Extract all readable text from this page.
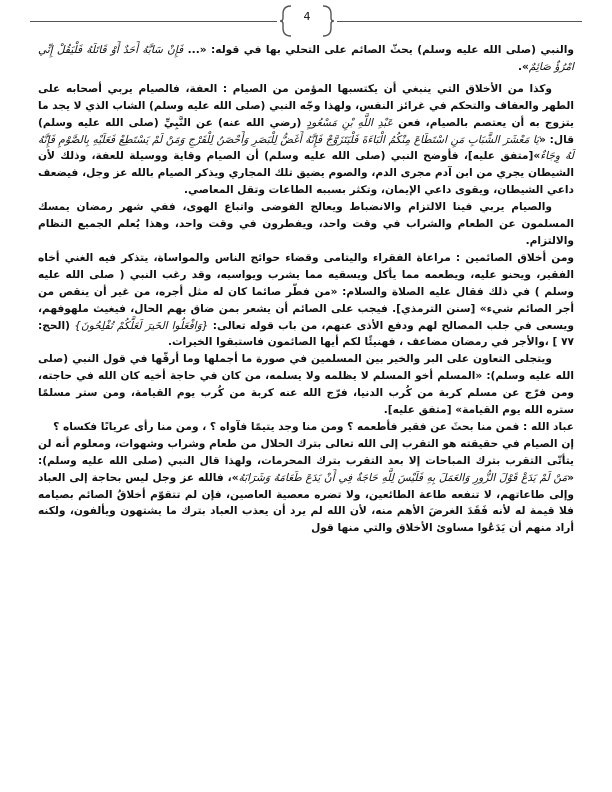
4

والنبي (صلى الله عليه وسلم) يحثّ الصائم على التحلي بها في قوله: «... فَإِنْ سَابَّهُ أَحَدٌ أَوْ قَاتَلَهُ فَلْيَقُلْ إِنِّي امْرُؤٌ صَائِمٌ».

وكذا من الأخلاق التي ينبغي أن يكتسبها المؤمن من الصيام : العفة، فالصيام يربي أصحابه على الطهر والعفاف والتحكم في غرائز النفس، ولهذا وجّه النبي (صلى الله عليه وسلم) الشاب الذي لا يجد ما يتزوج به أن يعتصم بالصيام، فعن عَبْدِ اللَّهِ بْنِ مَسْعُودٍ (رضي الله عنه) عن النَّبِيِّ (صلى الله عليه وسلم) قال: «يَا مَعْشَرَ الشَّبَابِ مَنِ اسْتَطَاعَ مِنْكُمُ الْبَاءَةَ فَلْيَتَزَوَّجْ فَإِنَّهُ أَغَضُّ لِلْبَصَرِ وَأَحْصَنُ لِلْفَرْجِ وَمَنْ لَمْ يَسْتَطِعْ فَعَلَيْهِ بِالصَّوْمِ فَإِنَّهُ لَهُ وِجَاءٌ»[متفق عليه]، فأوضح النبي (صلى الله عليه وسلم) أن الصيام وقاية ووسيلة للعفة، وذلك لأن الشيطان يجري من ابن آدم مجرى الدم، والصوم يضيق تلك المجاري ويذكر الصيام بالله عز وجل، فيضعف داعي الشيطان، ويقوى داعي الإيمان، وتكثر بسببه الطاعات وتقل المعاصي.

والصيام يربي فينا الالتزام والانضباط ويعالج الفوضى واتباع الهوى، ففي شهر رمضان يمسك المسلمون عن الطعام والشراب في وقت واحد، ويفطرون في وقت واحد، وهذا يُعلم الجميع النظام والالتزام.

ومن أخلاق الصائمين : مراعاة الفقراء واليتامى وقضاء حوائج الناس والمواساة، يتذكر فيه الغني أخاه الفقير، ويحنو عليه، ويطعمه مما يأكل ويسقيه مما يشرب ويواسيه، وقد رغب النبي ( صلى الله عليه وسلم ) في ذلك فقال عليه الصلاة والسلام: «من فطّر صائما كان له مثل أجره، من غير أن ينقص من أجر الصائم شيء» [سنن الترمذي]. فيجب على الصائم أن يشعر بمن ضاق بهم الحال، فيغيث ملهوفهم، ويسعى في جلب المصالح لهم ودفع الأذى عنهم، من باب قوله تعالى: {وَافْعَلُوا الخَيرَ لَعَلَّكُمْ تُفْلِحُونَ} (الحج: ٧٧ ] ،والأجر في رمضان مضاعف ، فهنيئًا لكم أيها الصائمون فاستبقوا الخيرات.

ويتجلى التعاون على البر والخير بين المسلمين في صورة ما أجملها وما أرقّها في قول النبي (صلى الله عليه وسلم): «المسلم أخو المسلم لا يظلمه ولا يسلمه، من كان في حاجة أخيه كان الله في حاجته، ومن فرّج عن مسلم كربة من كُرب الدنيا، فرّج الله عنه كربة من كُرب يوم القيامة، ومن ستر مسلمًا ستره الله يوم القيامة» [متفق عليه].

عباد الله : فمن منا بحثَ عن فقير فأطعمه ؟ ومن منا وجد يتيمًا فآواه ؟ ، ومن منا رأى عريانًا فكساه ؟

إن الصيام في حقيقته هو التقرب إلى الله تعالى بترك الحلال من طعام وشراب وشهوات، ومعلوم أنه لن يتأتّى التقرب بترك المباحات إلا بعد التقرب بترك المحرمات، ولهذا قال النبي (صلى الله عليه وسلم): «مَنْ لَمْ يَدَعْ قَوْلَ الزُّورِ وَالعَمَلَ بِهِ فَلَيْسَ لِلَّهِ حَاجَةٌ فِي أَنْ يَدَعَ طَعَامَهُ وَشَرَابَهُ»، فالله عز وجل ليس بحاجة إلى العباد وإلى طاعاتهم، لا تنفعه طاعة الطائعين، ولا تضره معصية العاصين، فإن لم تتقوّم أخلاقُ الصائم بصيامه فلا قيمة له لأنه فَقَدَ الغرضَ الأهم منه، لأن الله لم يرد أن يعذب العباد بترك ما يشتهون ويألفون، ولكنه أراد منهم أن يَدَعُوا مساوئ الأخلاق والتي منها قول
